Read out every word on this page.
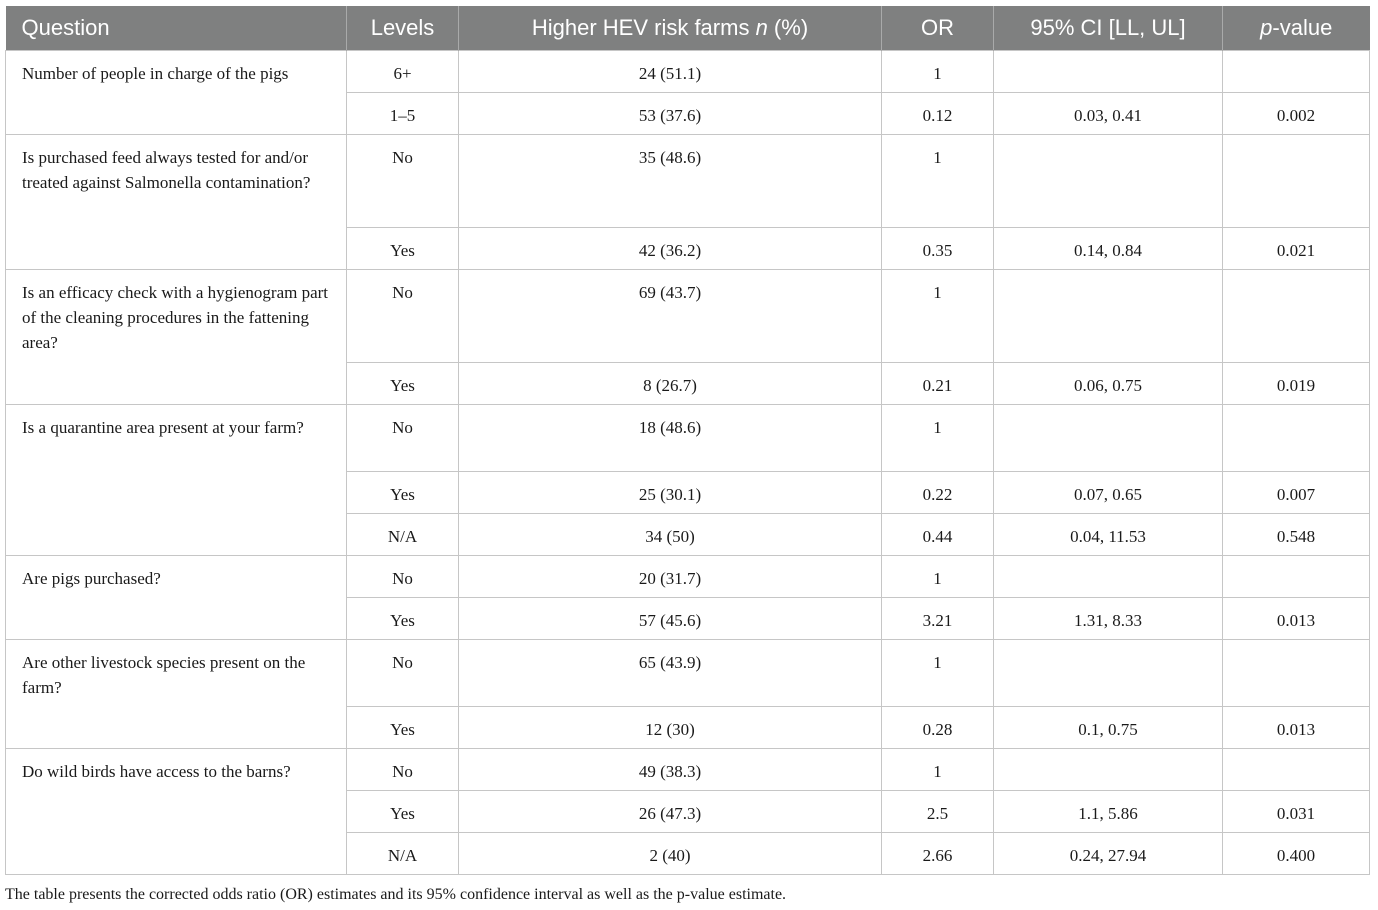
Question	Levels	Higher HEV risk farms n (%)	OR	95% CI [LL, UL]	p-value
Number of people in charge of the pigs	6+	24 (51.1)	1		
	1–5	53 (37.6)	0.12	0.03, 0.41	0.002
Is purchased feed always tested for and/or treated against Salmonella contamination?	No	35 (48.6)	1		
	Yes	42 (36.2)	0.35	0.14, 0.84	0.021
Is an efficacy check with a hygienogram part of the cleaning procedures in the fattening area?	No	69 (43.7)	1		
	Yes	8 (26.7)	0.21	0.06, 0.75	0.019
Is a quarantine area present at your farm?	No	18 (48.6)	1		
	Yes	25 (30.1)	0.22	0.07, 0.65	0.007
	N/A	34 (50)	0.44	0.04, 11.53	0.548
Are pigs purchased?	No	20 (31.7)	1		
	Yes	57 (45.6)	3.21	1.31, 8.33	0.013
Are other livestock species present on the farm?	No	65 (43.9)	1		
	Yes	12 (30)	0.28	0.1, 0.75	0.013
Do wild birds have access to the barns?	No	49 (38.3)	1		
	Yes	26 (47.3)	2.5	1.1, 5.86	0.031
	N/A	2 (40)	2.66	0.24, 27.94	0.400

The table presents the corrected odds ratio (OR) estimates and its 95% confidence interval as well as the p-value estimate.
